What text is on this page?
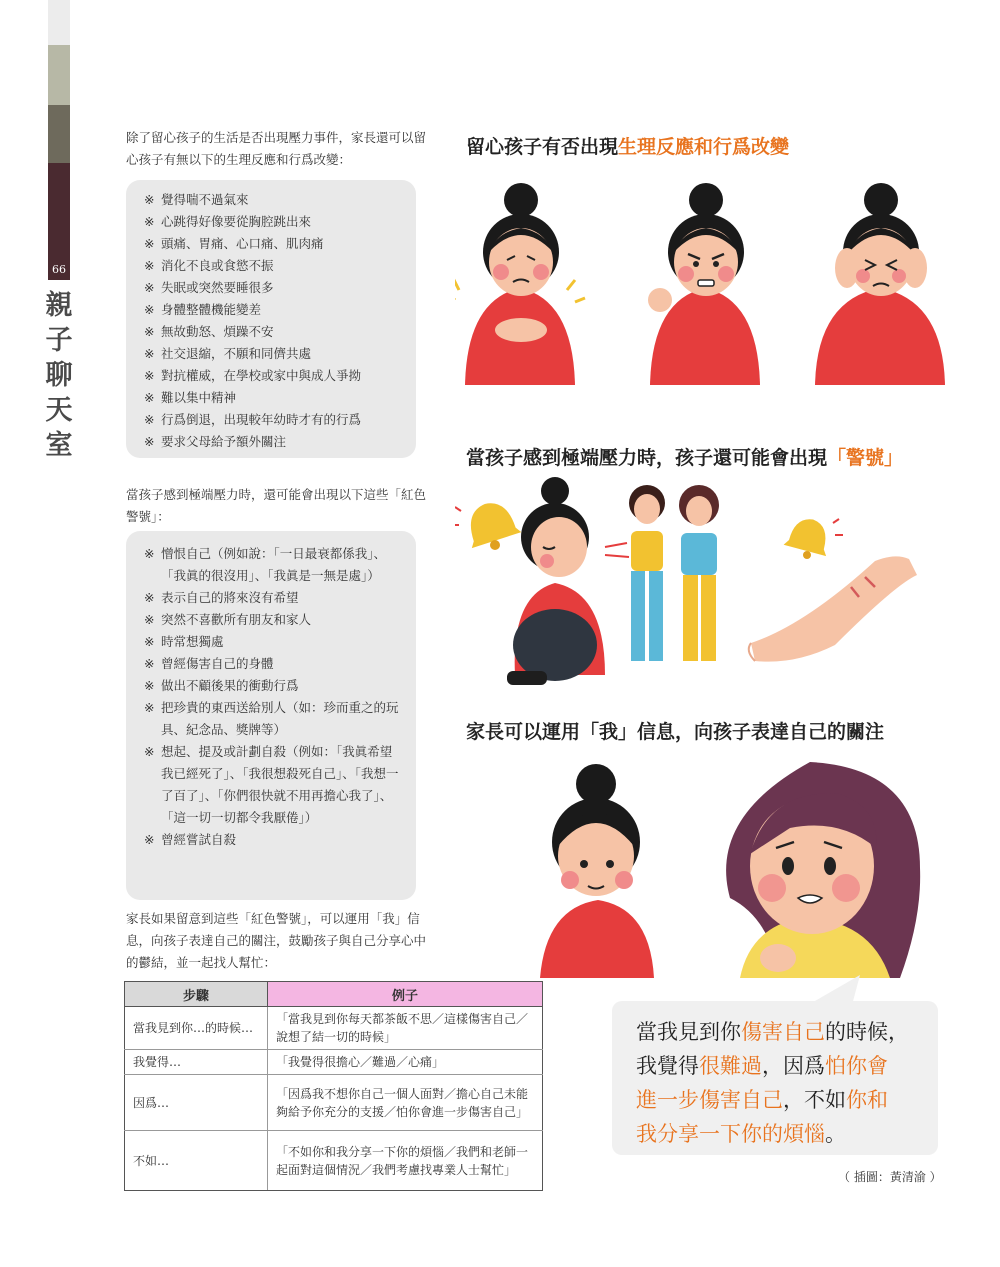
66
親子聊天室

除了留心孩子的生活是否出現壓力事件，家長還可以留心孩子有無以下的生理反應和行爲改變：

※ 覺得喘不過氣來
※ 心跳得好像要從胸腔跳出來
※ 頭痛、胃痛、心口痛、肌肉痛
※ 消化不良或食慾不振
※ 失眠或突然要睡很多
※ 身體整體機能變差
※ 無故動怒、煩躁不安
※ 社交退縮，不願和同儕共處
※ 對抗權威，在學校或家中與成人爭拗
※ 難以集中精神
※ 行爲倒退，出現較年幼時才有的行爲
※ 要求父母給予額外關注

當孩子感到極端壓力時，還可能會出現以下這些「紅色警號」：

※ 憎恨自己（例如說：「一日最衰都係我」、「我眞的很沒用」、「我眞是一無是處」）
※ 表示自己的將來沒有希望
※ 突然不喜歡所有朋友和家人
※ 時常想獨處
※ 曾經傷害自己的身體
※ 做出不顧後果的衝動行爲
※ 把珍貴的東西送給別人（如：珍而重之的玩具、紀念品、獎牌等）
※ 想起、提及或計劃自殺（例如：「我眞希望我已經死了」、「我很想殺死自己」、「我想一了百了」、「你們很快就不用再擔心我了」、「這一切一切都令我厭倦」）
※ 曾經嘗試自殺

家長如果留意到這些「紅色警號」，可以運用「我」信息，向孩子表達自己的關注，鼓勵孩子與自己分享心中的鬱結，並一起找人幫忙：

步驟	例子
當我見到你…的時候…	「當我見到你每天都茶飯不思／這樣傷害自己／說想了結一切的時候」
我覺得…	「我覺得很擔心／難過／心痛」
因爲…	「因爲我不想你自己一個人面對／擔心自己未能夠給予你充分的支援／怕你會進一步傷害自己」
不如…	「不如你和我分享一下你的煩惱／我們和老師一起面對這個情況／我們考慮找專業人士幫忙」
留心孩子有否出現生理反應和行爲改變
當孩子感到極端壓力時，孩子還可能會出現「警號」
家長可以運用「我」信息，向孩子表達自己的關注
當我見到你傷害自己的時候，
我覺得很難過，因爲怕你會
進一步傷害自己，不如你和
我分享一下你的煩惱。
（ 插圖：黃清渝 ）
